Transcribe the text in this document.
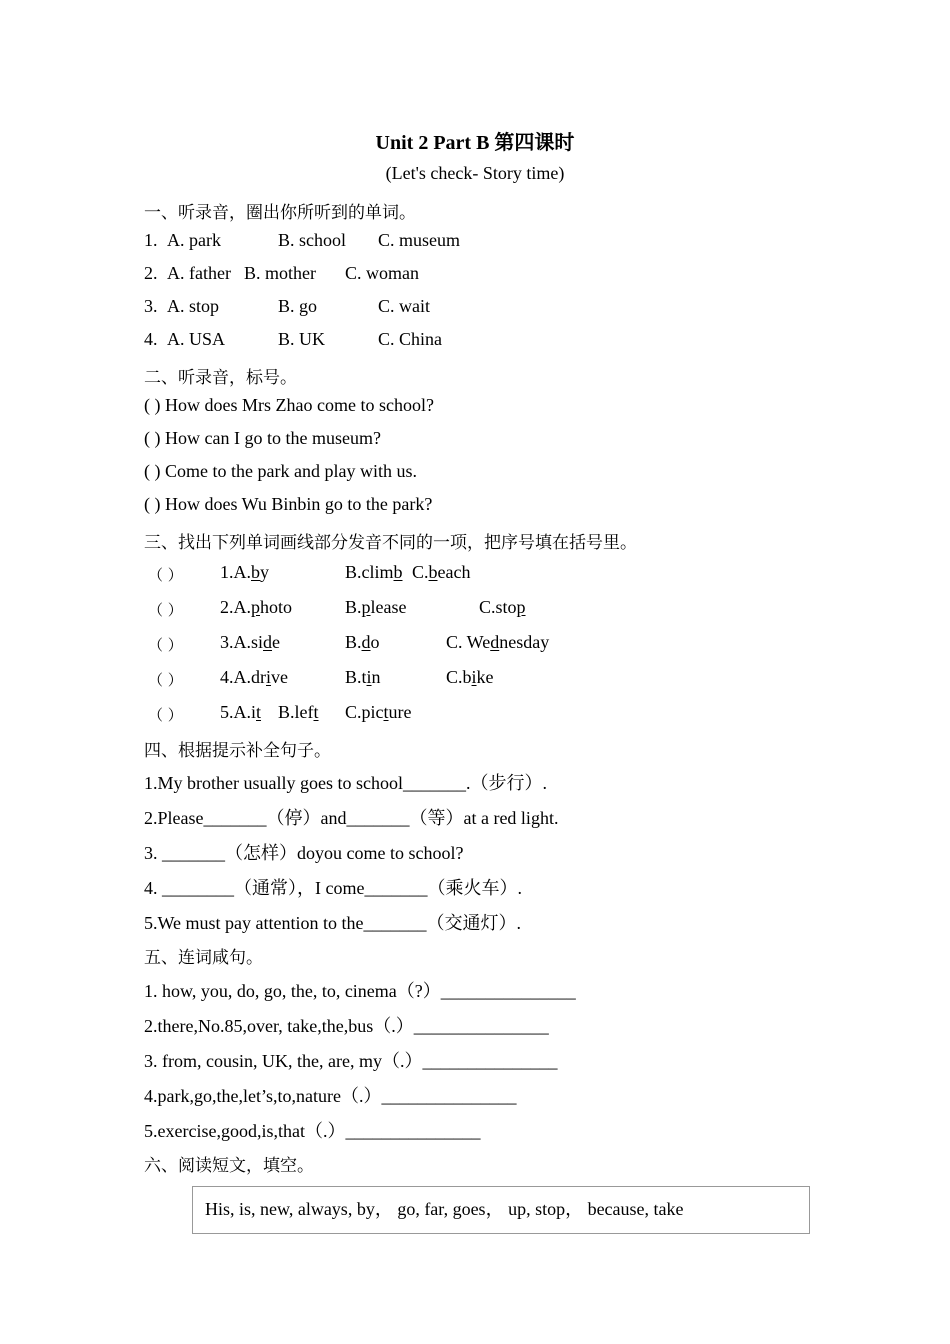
Unit 2 Part B 第四课时
(Let's check- Story time)
一、听录音，圈出你所听到的单词。
1. A. park	B. school C. museum
2. A. father B. mother C. woman
3. A. stop	B. go	C. wait
4. A. USA	B. UK	C. China
二、听录音，标号。
( ) How does Mrs Zhao come to school?
( ) How can I go to the museum?
( ) Come to the park and play with us.
( ) How does Wu Binbin go to the park?
三、找出下列单词画线部分发音不同的一项，把序号填在括号里。
（ ） 1.A.by	B.climb C.beach
（ ） 2.A.photo	B.please	C.stop
（ ） 3.A.side	B.do	C. Wednesday
（ ） 4.A.drive	B.tin	C.bike
（ ） 5.A.it B.left C.picture
四、根据提示补全句子。
1.My brother usually goes to school_______.（步行）.
2.Please_______（停）and_______（等）at a red light.
3. _______（怎样）doyou come to school?
4. ________（通常），I come_______（乘火车）.
5.We must pay attention to the_______（交通灯）.
五、连词咸句。
1. how, you, do, go, the, to, cinema（?）_______________
2.there,No.85,over, take,the,bus（.）_______________
3. from, cousin, UK, the, are, my（.）_______________
4.park,go,the,let’s,to,nature（.）_______________
5.exercise,good,is,that（.）_______________
六、阅读短文，填空。
His, is, new, always, by， go, far, goes， up, stop， because, take
